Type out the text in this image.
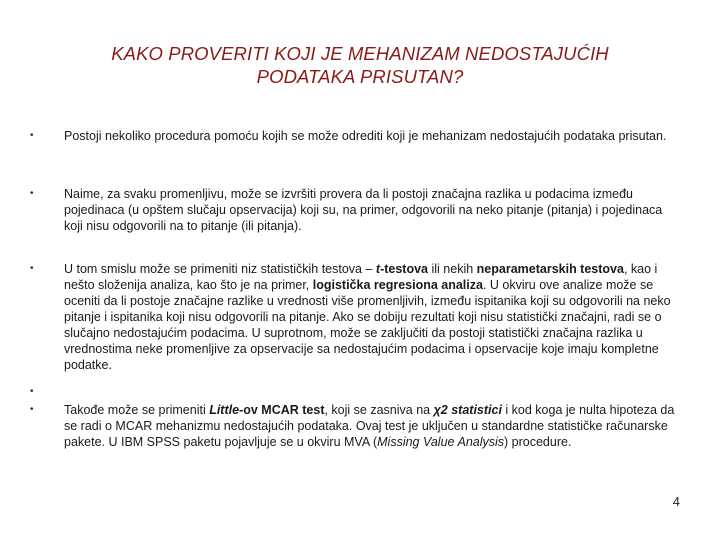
KAKO PROVERITI KOJI JE MEHANIZAM NEDOSTAJUĆIH
PODATAKA PRISUTAN?
•	Postoji nekoliko procedura pomoću kojih se može odrediti koji je mehanizam nedostajućih podataka prisutan.
•	Naime, za svaku promenljivu, može se izvršiti provera da li postoji značajna razlika u podacima između pojedinaca (u opštem slučaju opservacija) koji su, na primer, odgovorili na neko pitanje (pitanja) i pojedinaca koji nisu odgovorili na to pitanje (ili pitanja).
•	U tom smislu može se primeniti niz statističkih testova – t-testova ili nekih neparametarskih testova, kao i nešto složenija analiza, kao što je na primer, logistička regresiona analiza. U okviru ove analize može se oceniti da li postoje značajne razlike u vrednosti više promenljivih, između ispitanika koji su odgovorili na neko pitanje i ispitanika koji nisu odgovorili na pitanje. Ako se dobiju rezultati koji nisu statistički značajni, radi se o slučajno nedostajućim podacima. U suprotnom, može se zaključiti da postoji statistički značajna razlika u vrednostima neke promenljive za opservacije sa nedostajućim podacima i opservacije koje imaju kompletne podatke.
•
•	Takođe može se primeniti Little-ov MCAR test, koji se zasniva na χ2 statistici i kod koga je nulta hipoteza da se radi o MCAR mehanizmu nedostajućih podataka. Ovaj test je uključen u standardne statističke računarske pakete. U IBM SPSS paketu pojavljuje se u okviru MVA (Missing Value Analysis) procedure.
4
